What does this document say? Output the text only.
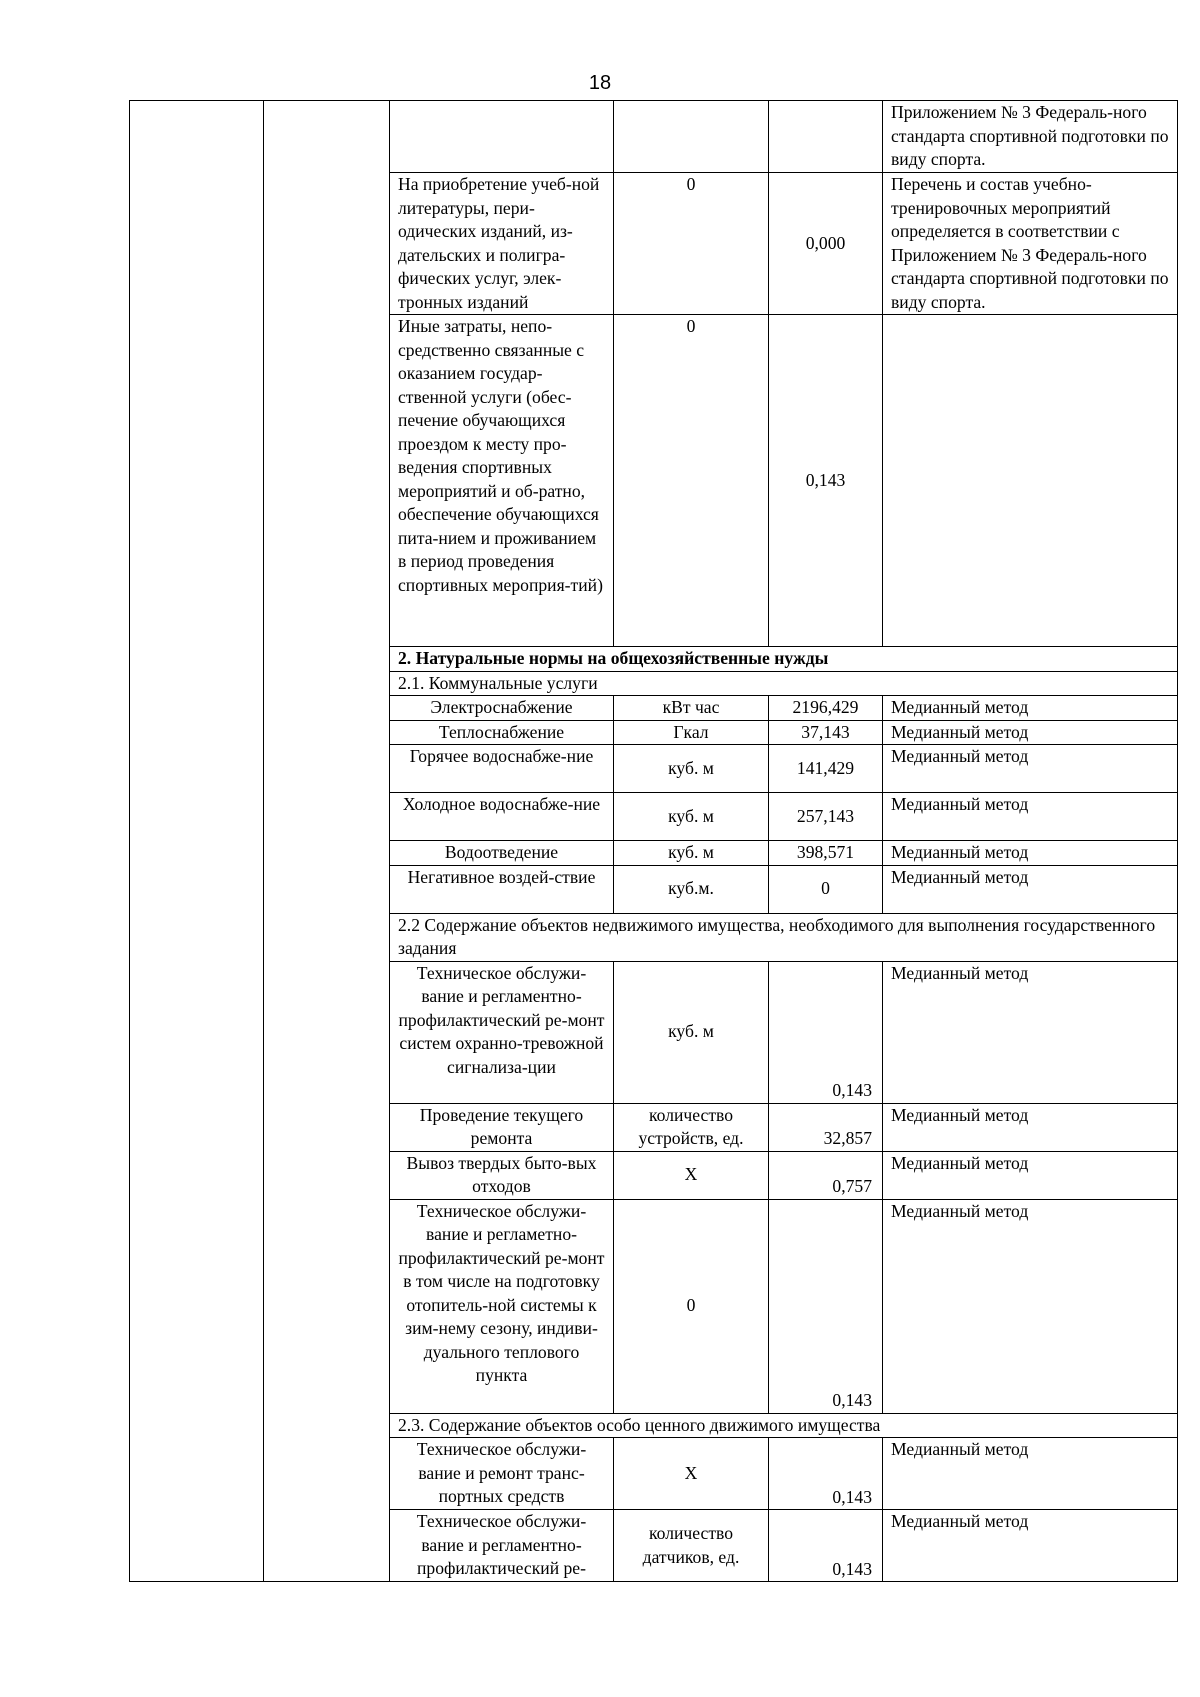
18
					Приложением № 3 Федераль-ного стандарта спортивной подготовки по виду спорта.
		На приобретение учеб-ной литературы, пери-одических изданий, из-дательских и полигра-фических услуг, элек-тронных изданий	0	0,000	Перечень и состав учебно-тренировочных мероприятий определяется в соответствии с Приложением № 3 Федераль-ного стандарта спортивной подготовки по виду спорта.
		Иные затраты, непо-средственно связанные с оказанием государ-ственной услуги (обес-печение обучающихся проездом к месту про-ведения спортивных мероприятий и об-ратно, обеспечение обучающихся пита-нием и проживанием в период проведения спортивных мероприя-тий)	0	0,143	
		2. Натуральные нормы на общехозяйственные нужды			
		2.1. Коммунальные услуги			
		Электроснабжение	кВт час	2196,429	Медианный метод
		Теплоснабжение	Гкал	37,143	Медианный метод
		Горячее водоснабже-ние	куб. м	141,429	Медианный метод
		Холодное водоснабже-ние	куб. м	257,143	Медианный метод
		Водоотведение	куб. м	398,571	Медианный метод
		Негативное воздей-ствие	куб.м.	0	Медианный метод
		2.2 Содержание объектов недвижимого имущества, необходимого для выполнения государственного задания			
		Техническое обслужи-вание и регламентно-профилактический ре-монт систем охранно-тревожной сигнализа-ции	куб. м	0,143	Медианный метод
		Проведение текущего ремонта	количество устройств, ед.	32,857	Медианный метод
		Вывоз твердых быто-вых отходов	Х	0,757	Медианный метод
		Техническое обслужи-вание и регламетно-профилактический ре-монт в том числе на подготовку отопитель-ной системы к зим-нему сезону, индиви-дуального теплового пункта	0	0,143	Медианный метод
		2.3. Содержание объектов особо ценного движимого имущества			
		Техническое обслужи-вание и ремонт транс-портных средств	Х	0,143	Медианный метод
		Техническое обслужи-вание и регламентно-профилактический ре-	количество датчиков, ед.	0,143	Медианный метод
